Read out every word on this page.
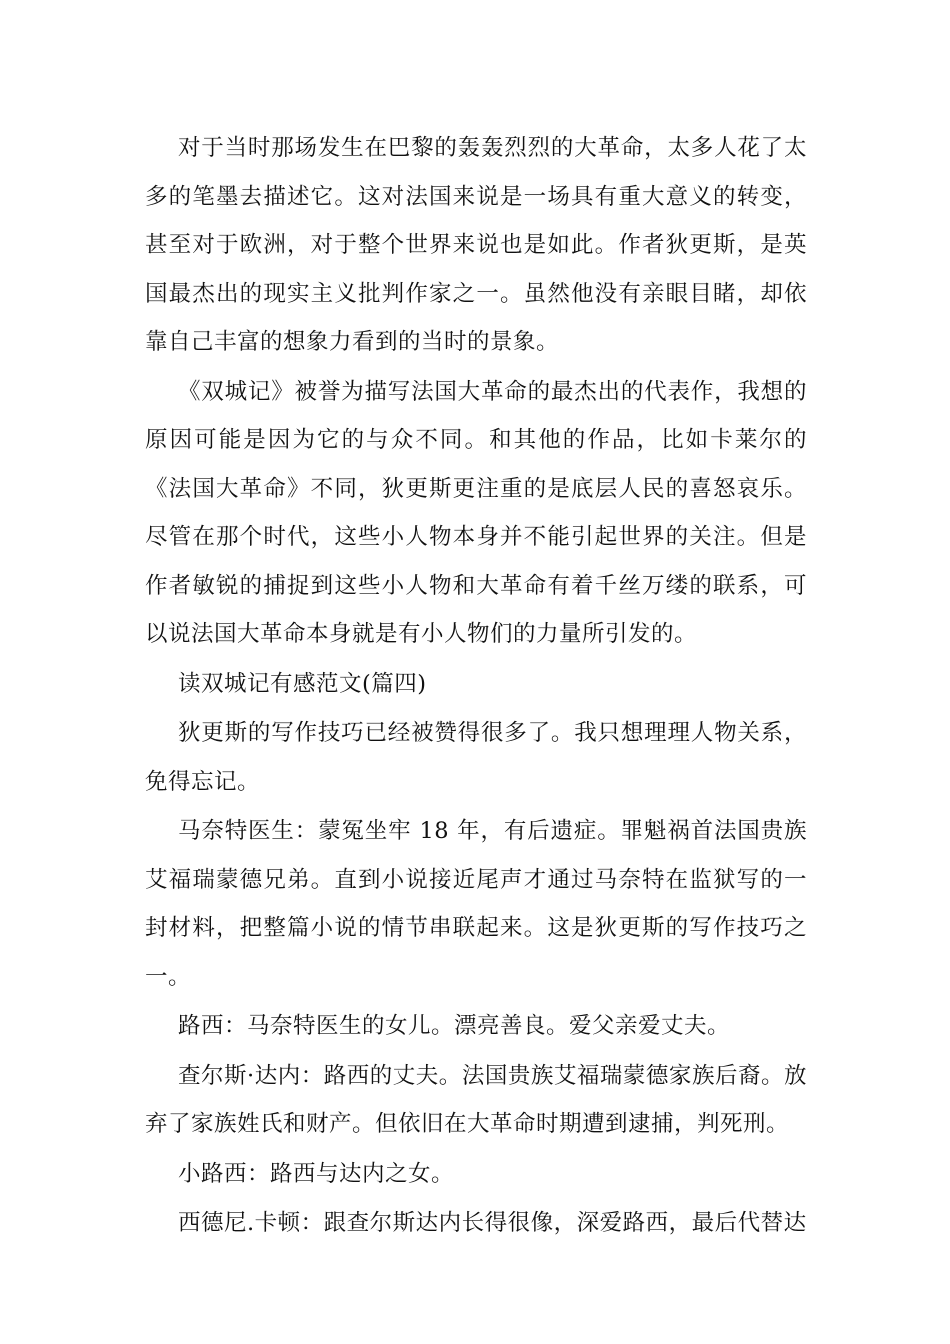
对于当时那场发生在巴黎的轰轰烈烈的大革命，太多人花了太多的笔墨去描述它。这对法国来说是一场具有重大意义的转变，甚至对于欧洲，对于整个世界来说也是如此。作者狄更斯，是英国最杰出的现实主义批判作家之一。虽然他没有亲眼目睹，却依靠自己丰富的想象力看到的当时的景象。

《双城记》被誉为描写法国大革命的最杰出的代表作，我想的原因可能是因为它的与众不同。和其他的作品，比如卡莱尔的《法国大革命》不同，狄更斯更注重的是底层人民的喜怒哀乐。尽管在那个时代，这些小人物本身并不能引起世界的关注。但是作者敏锐的捕捉到这些小人物和大革命有着千丝万缕的联系，可以说法国大革命本身就是有小人物们的力量所引发的。

读双城记有感范文(篇四)

狄更斯的写作技巧已经被赞得很多了。我只想理理人物关系，免得忘记。

马奈特医生：蒙冤坐牢 18 年，有后遗症。罪魁祸首法国贵族艾福瑞蒙德兄弟。直到小说接近尾声才通过马奈特在监狱写的一封材料，把整篇小说的情节串联起来。这是狄更斯的写作技巧之一。

路西：马奈特医生的女儿。漂亮善良。爱父亲爱丈夫。

查尔斯·达内：路西的丈夫。法国贵族艾福瑞蒙德家族后裔。放弃了家族姓氏和财产。但依旧在大革命时期遭到逮捕，判死刑。

小路西：路西与达内之女。

西德尼.卡顿：跟查尔斯达内长得很像，深爱路西，最后代替达
